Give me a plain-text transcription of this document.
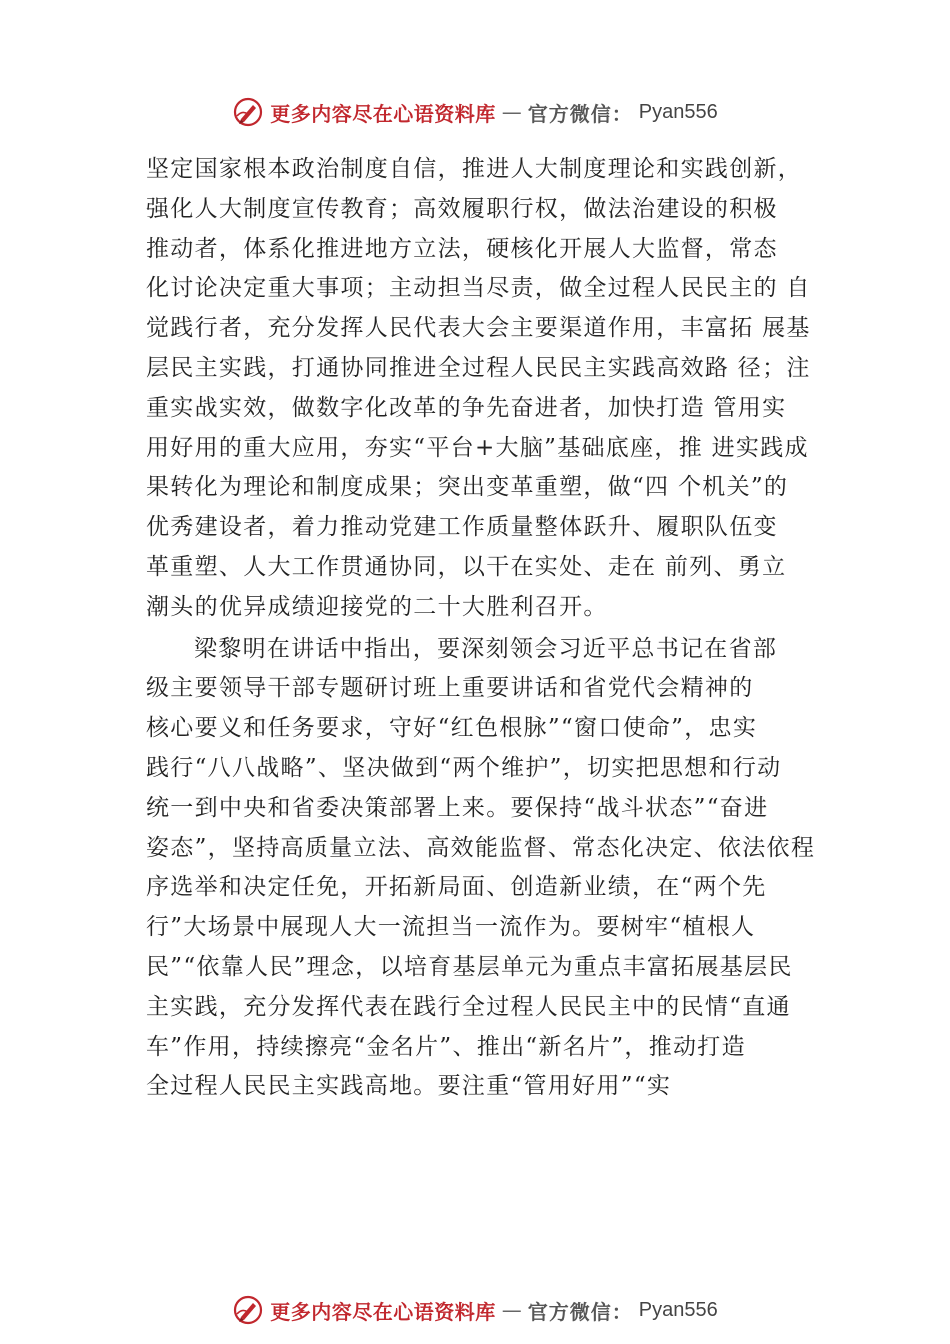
更多内容尽在心语资料库 — 官方微信： Pyan556
坚定国家根本政治制度自信，推进人大制度理论和实践创新，
强化人大制度宣传教育；高效履职行权，做法治建设的积极
推动者，体系化推进地方立法，硬核化开展人大监督，常态
化讨论决定重大事项；主动担当尽责，做全过程人民民主的 自
觉践行者，充分发挥人民代表大会主要渠道作用，丰富拓 展基
层民主实践，打通协同推进全过程人民民主实践高效路 径；注
重实战实效，做数字化改革的争先奋进者，加快打造 管用实
用好用的重大应用，夯实“平台+大脑”基础底座，推 进实践成
果转化为理论和制度成果；突出变革重塑，做“四 个机关”的
优秀建设者，着力推动党建工作质量整体跃升、履职队伍变
革重塑、人大工作贯通协同，以干在实处、走在 前列、勇立
潮头的优异成绩迎接党的二十大胜利召开。
梁黎明在讲话中指出，要深刻领会习近平总书记在省部
级主要领导干部专题研讨班上重要讲话和省党代会精神的
核心要义和任务要求，守好“红色根脉”“窗口使命”，忠实
践行“八八战略”、坚决做到“两个维护”，切实把思想和行动
统一到中央和省委决策部署上来。要保持“战斗状态”“奋进
姿态”，坚持高质量立法、高效能监督、常态化决定、依法依程
序选举和决定任免，开拓新局面、创造新业绩，在“两个先
行”大场景中展现人大一流担当一流作为。要树牢“植根人
民”“依靠人民”理念，以培育基层单元为重点丰富拓展基层民
主实践，充分发挥代表在践行全过程人民民主中的民情“直通
车”作用，持续擦亮“金名片”、推出“新名片”，推动打造
全过程人民民主实践高地。要注重“管用好用”“实
更多内容尽在心语资料库 — 官方微信： Pyan556
